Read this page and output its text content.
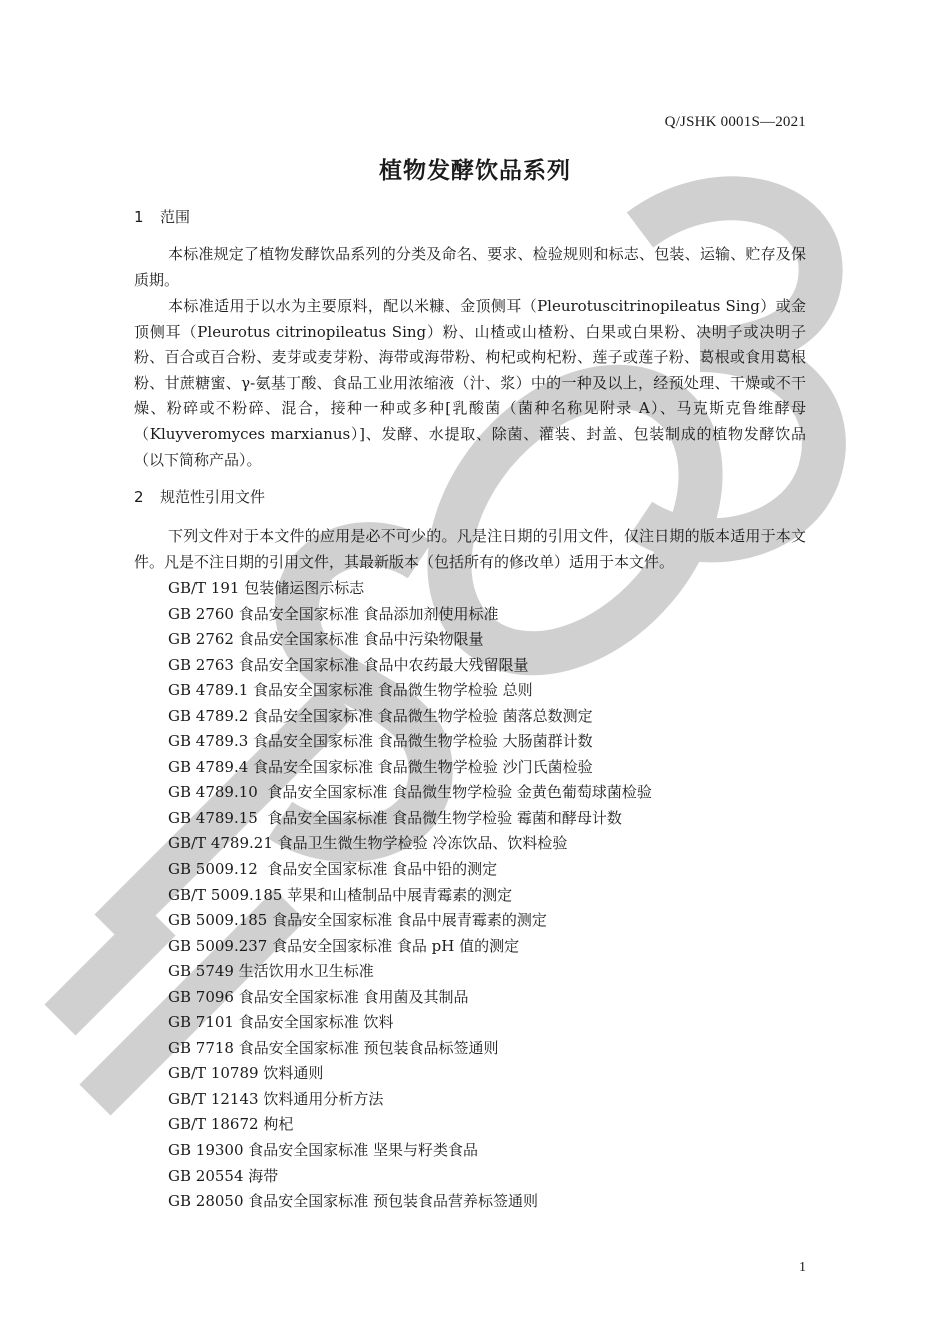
Q/JSHK 0001S—2021
植物发酵饮品系列
1 范围

本标准规定了植物发酵饮品系列的分类及命名、要求、检验规则和标志、包装、运输、贮存及保质期。

本标准适用于以水为主要原料，配以米糠、金顶侧耳（Pleurotuscitrinopileatus Sing）或金顶侧耳（Pleurotus citrinopileatus Sing）粉、山楂或山楂粉、白果或白果粉、决明子或决明子粉、百合或百合粉、麦芽或麦芽粉、海带或海带粉、枸杞或枸杞粉、莲子或莲子粉、葛根或食用葛根粉、甘蔗糖蜜、γ-氨基丁酸、食品工业用浓缩液（汁、浆）中的一种及以上，经预处理、干燥或不干燥、粉碎或不粉碎、混合，接种一种或多种[乳酸菌（菌种名称见附录 A）、马克斯克鲁维酵母（Kluyveromyces marxianus）]、发酵、水提取、除菌、灌装、封盖、包装制成的植物发酵饮品（以下简称产品）。

2 规范性引用文件

下列文件对于本文件的应用是必不可少的。凡是注日期的引用文件，仅注日期的版本适用于本文件。凡是不注日期的引用文件，其最新版本（包括所有的修改单）适用于本文件。

GB/T 191 包装储运图示标志
GB 2760 食品安全国家标准 食品添加剂使用标准
GB 2762 食品安全国家标准 食品中污染物限量
GB 2763 食品安全国家标准 食品中农药最大残留限量
GB 4789.1 食品安全国家标准 食品微生物学检验 总则
GB 4789.2 食品安全国家标准 食品微生物学检验 菌落总数测定
GB 4789.3 食品安全国家标准 食品微生物学检验 大肠菌群计数
GB 4789.4 食品安全国家标准 食品微生物学检验 沙门氏菌检验
GB 4789.10  食品安全国家标准 食品微生物学检验 金黄色葡萄球菌检验
GB 4789.15  食品安全国家标准 食品微生物学检验 霉菌和酵母计数
GB/T 4789.21 食品卫生微生物学检验 冷冻饮品、饮料检验
GB 5009.12  食品安全国家标准 食品中铅的测定
GB/T 5009.185 苹果和山楂制品中展青霉素的测定
GB 5009.185 食品安全国家标准 食品中展青霉素的测定
GB 5009.237 食品安全国家标准 食品 pH 值的测定
GB 5749 生活饮用水卫生标准
GB 7096 食品安全国家标准 食用菌及其制品
GB 7101 食品安全国家标准 饮料
GB 7718 食品安全国家标准 预包装食品标签通则
GB/T 10789 饮料通则
GB/T 12143 饮料通用分析方法
GB/T 18672 枸杞
GB 19300 食品安全国家标准 坚果与籽类食品
GB 20554 海带
GB 28050 食品安全国家标准 预包装食品营养标签通则
1
